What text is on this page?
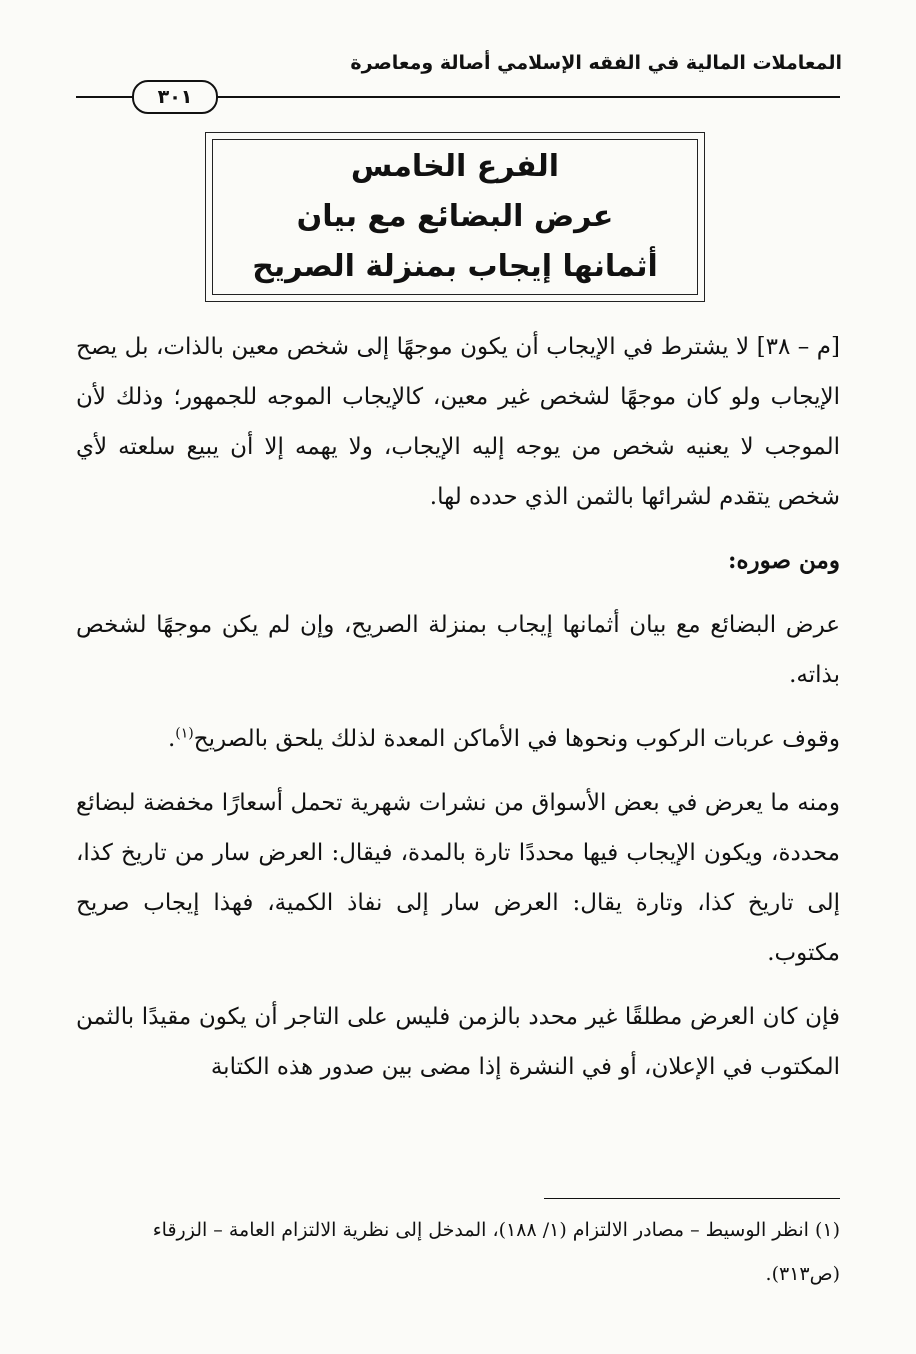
المعاملات المالية في الفقه الإسلامي أصالة ومعاصرة
٣٠١
الفرع الخامس
عرض البضائع مع بيان
أثمانها إيجاب بمنزلة الصريح

[م – ٣٨] لا يشترط في الإيجاب أن يكون موجهًا إلى شخص معين بالذات، بل يصح الإيجاب ولو كان موجهًا لشخص غير معين، كالإيجاب الموجه للجمهور؛ وذلك لأن الموجب لا يعنيه شخص من يوجه إليه الإيجاب، ولا يهمه إلا أن يبيع سلعته لأي شخص يتقدم لشرائها بالثمن الذي حدده لها.

ومن صوره:

عرض البضائع مع بيان أثمانها إيجاب بمنزلة الصريح، وإن لم يكن موجهًا لشخص بذاته.

وقوف عربات الركوب ونحوها في الأماكن المعدة لذلك يلحق بالصريح$^{(١)}$.

ومنه ما يعرض في بعض الأسواق من نشرات شهرية تحمل أسعارًا مخفضة لبضائع محددة، ويكون الإيجاب فيها محددًا تارة بالمدة، فيقال: العرض سار من تاريخ كذا، إلى تاريخ كذا، وتارة يقال: العرض سار إلى نفاذ الكمية، فهذا إيجاب صريح مكتوب.

فإن كان العرض مطلقًا غير محدد بالزمن فليس على التاجر أن يكون مقيدًا بالثمن المكتوب في الإعلان، أو في النشرة إذا مضى بين صدور هذه الكتابة

(١) انظر الوسيط – مصادر الالتزام (١/ ١٨٨)، المدخل إلى نظرية الالتزام العامة – الزرقاء

(ص٣١٣).
